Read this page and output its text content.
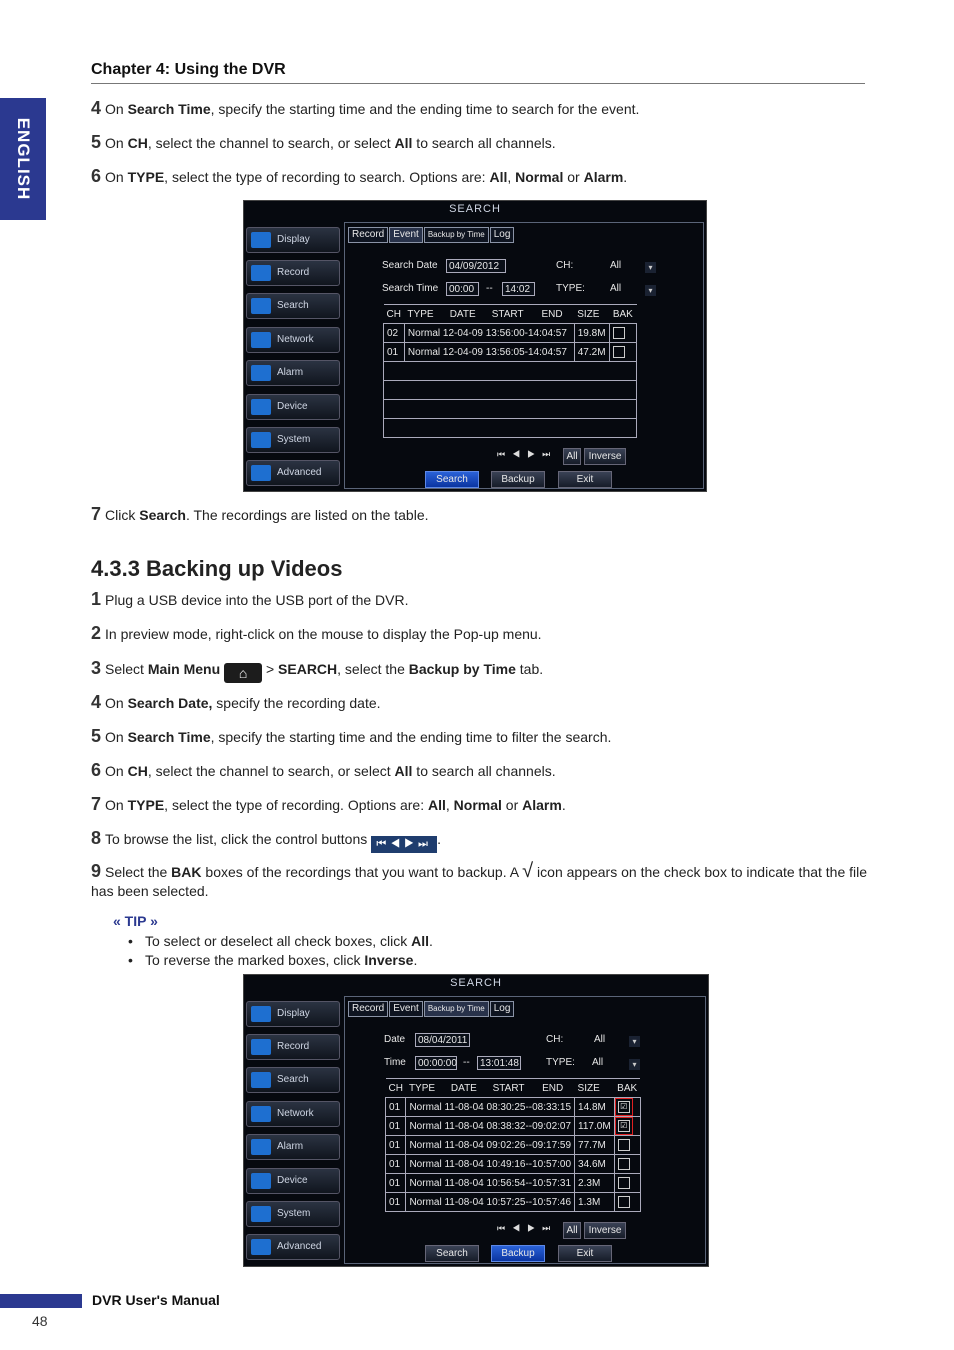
Chapter 4: Using the DVR
ENGLISH
4 On Search Time, specify the starting time and the ending time to search for the event.
5 On CH, select the channel to search, or select All to search all channels.
6 On TYPE, select the type of recording to search. Options are: All, Normal or Alarm.
SEARCH
Display
Record
Search
Network
Alarm
Device
System
Advanced
Record Event Backup by Time Log
Search Date	04/09/2012
Search Time	00:00	--	14:02
CH:	All	▾
TYPE:	All	▾
CH	TYPE	DATE	START	END	SIZE	BAK
02	Normal 12-04-09 13:56:00-14:04:57				19.8M	
01	Normal 12-04-09 13:56:05-14:04:57				47.2M	

⏮◀▶⏭ All	Inverse
Search	Backup	Exit
7 Click Search. The recordings are listed on the table.
4.3.3 Backing up Videos
1 Plug a USB device into the USB port of the DVR.
2 In preview mode, right-click on the mouse to display the Pop-up menu.
3 Select Main Menu ⌂ > SEARCH, select the Backup by Time tab.
4 On Search Date, specify the recording date.
5 On Search Time, specify the starting time and the ending time to filter the search.
6 On CH, select the channel to search, or select All to search all channels.
7 On TYPE, select the type of recording. Options are: All, Normal or Alarm.
8 To browse the list, click the control buttons ⏮◀▶⏭ .
9 Select the BAK boxes of the recordings that you want to backup. A √ icon appears on the check box to indicate that the file has been selected.
« TIP »
• To select or deselect all check boxes, click All.
• To reverse the marked boxes, click Inverse.
SEARCH
Display
Record
Search
Network
Alarm
Device
System
Advanced
Record Event Backup by Time Log
Date	08/04/2011
Time	00:00:00 --	13:01:48
CH:	All	▾
TYPE: All	▾
CH	TYPE	DATE	START	END	SIZE	BAK
01	Normal 11-08-04 08:30:25--08:33:15				14.8M	☑
01	Normal 11-08-04 08:38:32--09:02:07				117.0M	☑
01	Normal 11-08-04 09:02:26--09:17:59				77.7M	
01	Normal 11-08-04 10:49:16--10:57:00				34.6M	
01	Normal 11-08-04 10:56:54--10:57:31				2.3M	
01	Normal 11-08-04 10:57:25--10:57:46				1.3M	
⏮◀▶⏭ All	Inverse
Search	Backup	Exit
DVR User's Manual
48
